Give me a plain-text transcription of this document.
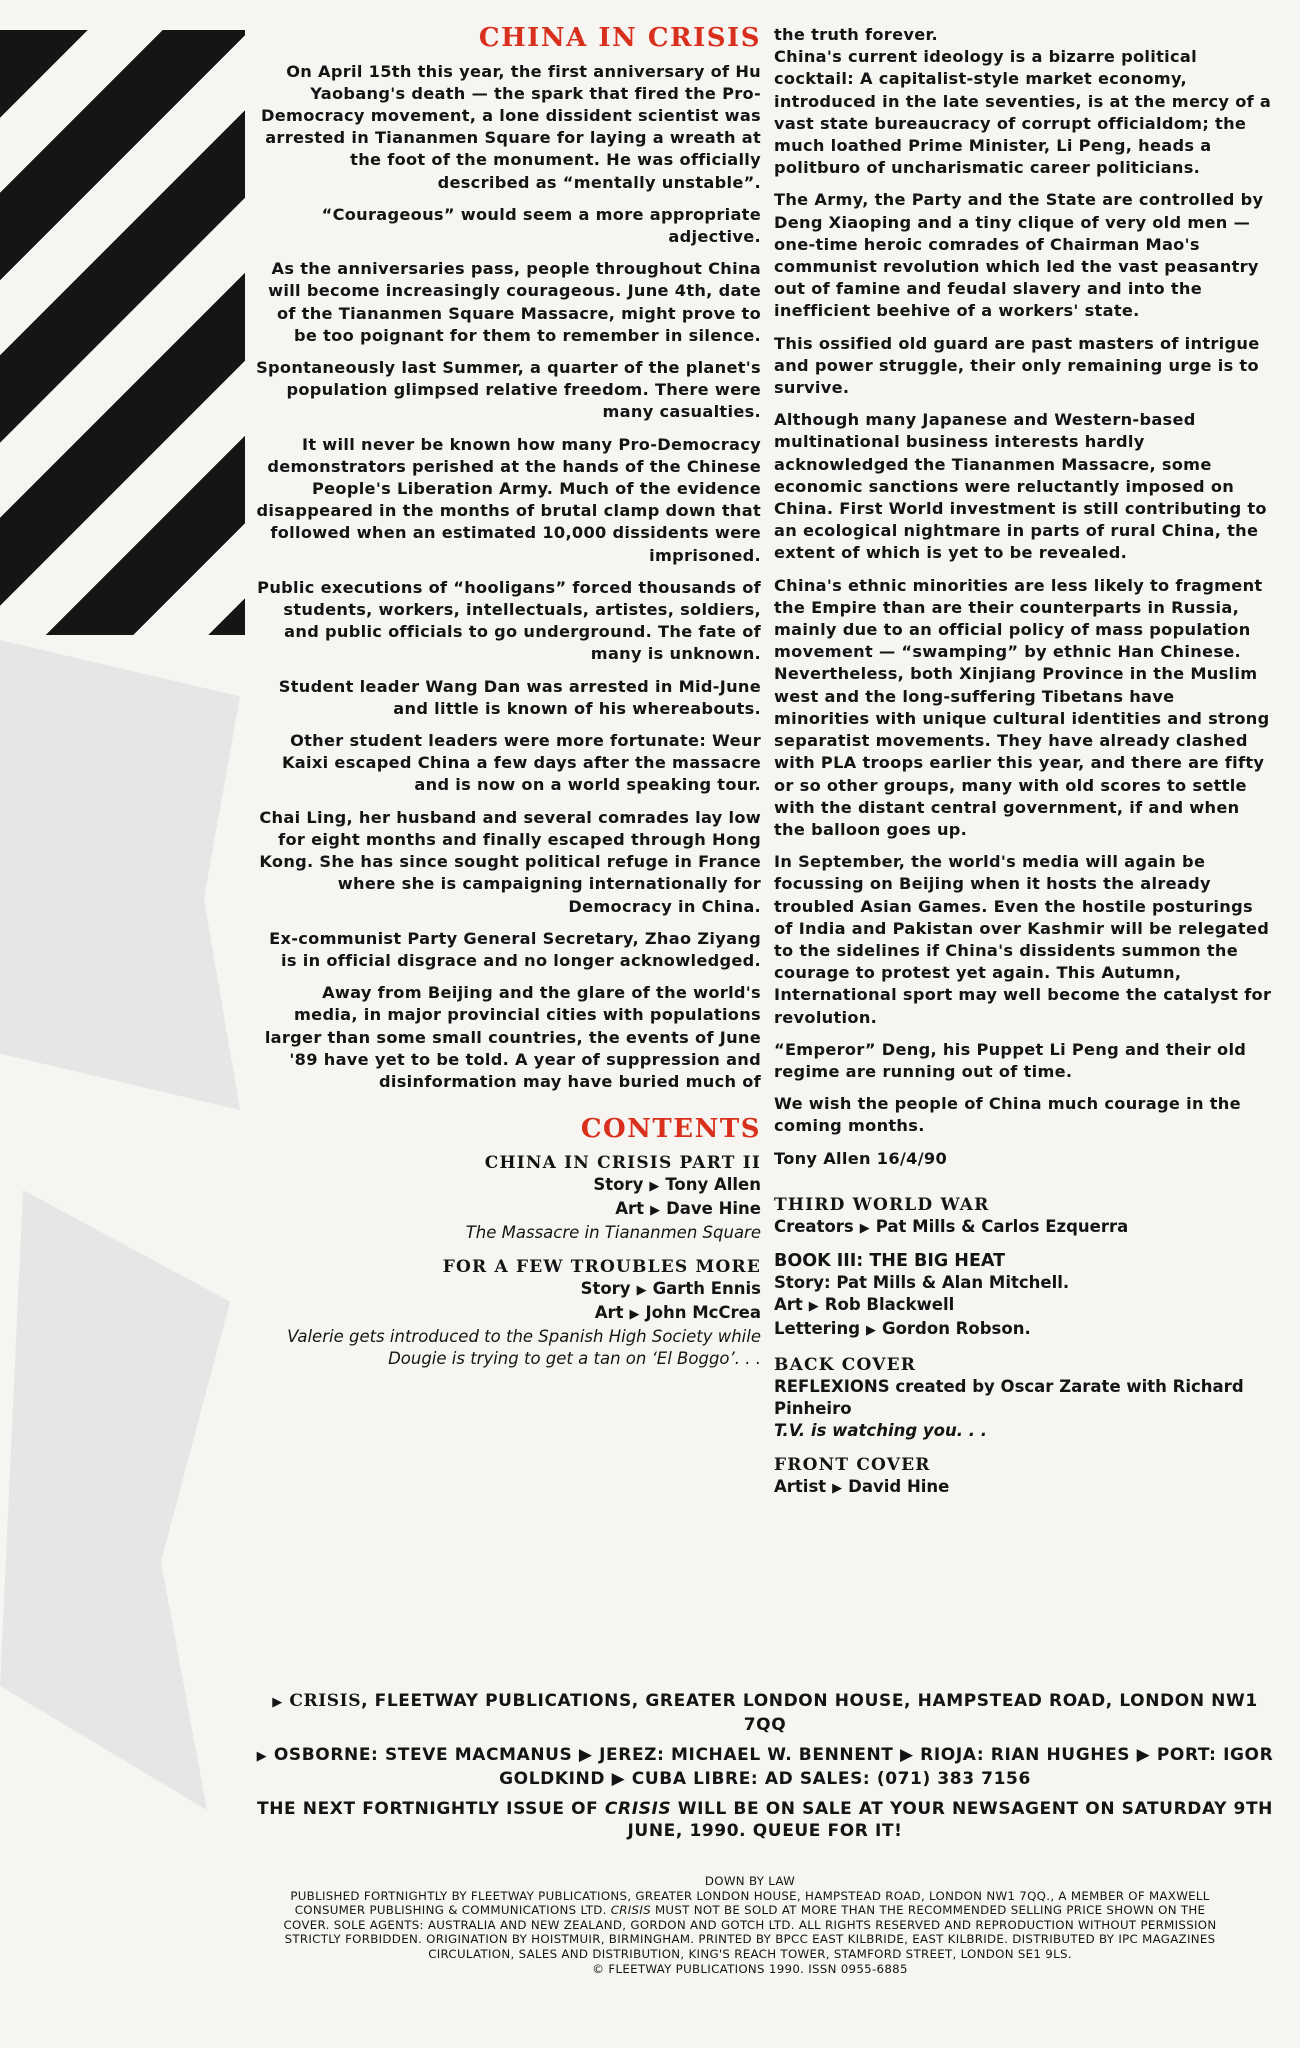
CHINA IN CRISIS

On April 15th this year, the first anniversary of Hu Yaobang's death — the spark that fired the Pro-Democracy movement, a lone dissident scientist was arrested in Tiananmen Square for laying a wreath at the foot of the monument. He was officially described as “mentally unstable”.

“Courageous” would seem a more appropriate adjective.

As the anniversaries pass, people throughout China will become increasingly courageous. June 4th, date of the Tiananmen Square Massacre, might prove to be too poignant for them to remember in silence.

Spontaneously last Summer, a quarter of the planet's population glimpsed relative freedom. There were many casualties.

It will never be known how many Pro-Democracy demonstrators perished at the hands of the Chinese People's Liberation Army. Much of the evidence disappeared in the months of brutal clamp down that followed when an estimated 10,000 dissidents were imprisoned.

Public executions of “hooligans” forced thousands of students, workers, intellectuals, artistes, soldiers, and public officials to go underground. The fate of many is unknown.

Student leader Wang Dan was arrested in Mid-June and little is known of his whereabouts.

Other student leaders were more fortunate: Weur Kaixi escaped China a few days after the massacre and is now on a world speaking tour.

Chai Ling, her husband and several comrades lay low for eight months and finally escaped through Hong Kong. She has since sought political refuge in France where she is campaigning internationally for Democracy in China.

Ex-communist Party General Secretary, Zhao Ziyang is in official disgrace and no longer acknowledged.

Away from Beijing and the glare of the world's media, in major provincial cities with populations larger than some small countries, the events of June '89 have yet to be told. A year of suppression and disinformation may have buried much of

CONTENTS

CHINA IN CRISIS PART II

Story ▶ Tony Allen

Art ▶ Dave Hine

The Massacre in Tiananmen Square

FOR A FEW TROUBLES MORE

Story ▶ Garth Ennis

Art ▶ John McCrea

Valerie gets introduced to the Spanish High Society while Dougie is trying to get a tan on ‘El Boggo’. . .

the truth forever.
China's current ideology is a bizarre political cocktail: A capitalist-style market economy, introduced in the late seventies, is at the mercy of a vast state bureaucracy of corrupt officialdom; the much loathed Prime Minister, Li Peng, heads a politburo of uncharismatic career politicians.

The Army, the Party and the State are controlled by Deng Xiaoping and a tiny clique of very old men — one-time heroic comrades of Chairman Mao's communist revolution which led the vast peasantry out of famine and feudal slavery and into the inefficient beehive of a workers' state.

This ossified old guard are past masters of intrigue and power struggle, their only remaining urge is to survive.

Although many Japanese and Western-based multinational business interests hardly acknowledged the Tiananmen Massacre, some economic sanctions were reluctantly imposed on China. First World investment is still contributing to an ecological nightmare in parts of rural China, the extent of which is yet to be revealed.

China's ethnic minorities are less likely to fragment the Empire than are their counterparts in Russia, mainly due to an official policy of mass population movement — “swamping” by ethnic Han Chinese. Nevertheless, both Xinjiang Province in the Muslim west and the long-suffering Tibetans have minorities with unique cultural identities and strong separatist movements. They have already clashed with PLA troops earlier this year, and there are fifty or so other groups, many with old scores to settle with the distant central government, if and when the balloon goes up.

In September, the world's media will again be focussing on Beijing when it hosts the already troubled Asian Games. Even the hostile posturings of India and Pakistan over Kashmir will be relegated to the sidelines if China's dissidents summon the courage to protest yet again. This Autumn, International sport may well become the catalyst for revolution.

“Emperor” Deng, his Puppet Li Peng and their old regime are running out of time.

We wish the people of China much courage in the coming months.

Tony Allen 16/4/90

THIRD WORLD WAR

Creators ▶ Pat Mills & Carlos Ezquerra

BOOK III: THE BIG HEAT

Story: Pat Mills & Alan Mitchell.

Art ▶ Rob Blackwell

Lettering ▶ Gordon Robson.

BACK COVER

REFLEXIONS created by Oscar Zarate with Richard Pinheiro

T.V. is watching you. . .

FRONT COVER

Artist ▶ David Hine

▶ CRISIS, FLEETWAY PUBLICATIONS, GREATER LONDON HOUSE, HAMPSTEAD ROAD, LONDON NW1 7QQ

▶ OSBORNE: STEVE MACMANUS ▶ JEREZ: MICHAEL W. BENNENT ▶ RIOJA: RIAN HUGHES ▶ PORT: IGOR GOLDKIND ▶ CUBA LIBRE: AD SALES: (071) 383 7156

THE NEXT FORTNIGHTLY ISSUE OF CRISIS WILL BE ON SALE AT YOUR NEWSAGENT ON SATURDAY 9TH JUNE, 1990. QUEUE FOR IT!

DOWN BY LAW

PUBLISHED FORTNIGHTLY BY FLEETWAY PUBLICATIONS, GREATER LONDON HOUSE, HAMPSTEAD ROAD, LONDON NW1 7QQ., A MEMBER OF MAXWELL CONSUMER PUBLISHING & COMMUNICATIONS LTD. CRISIS MUST NOT BE SOLD AT MORE THAN THE RECOMMENDED SELLING PRICE SHOWN ON THE COVER. SOLE AGENTS: AUSTRALIA AND NEW ZEALAND, GORDON AND GOTCH LTD. ALL RIGHTS RESERVED AND REPRODUCTION WITHOUT PERMISSION STRICTLY FORBIDDEN. ORIGINATION BY HOISTMUIR, BIRMINGHAM. PRINTED BY BPCC EAST KILBRIDE, EAST KILBRIDE. DISTRIBUTED BY IPC MAGAZINES CIRCULATION, SALES AND DISTRIBUTION, KING'S REACH TOWER, STAMFORD STREET, LONDON SE1 9LS.

© FLEETWAY PUBLICATIONS 1990. ISSN 0955-6885
